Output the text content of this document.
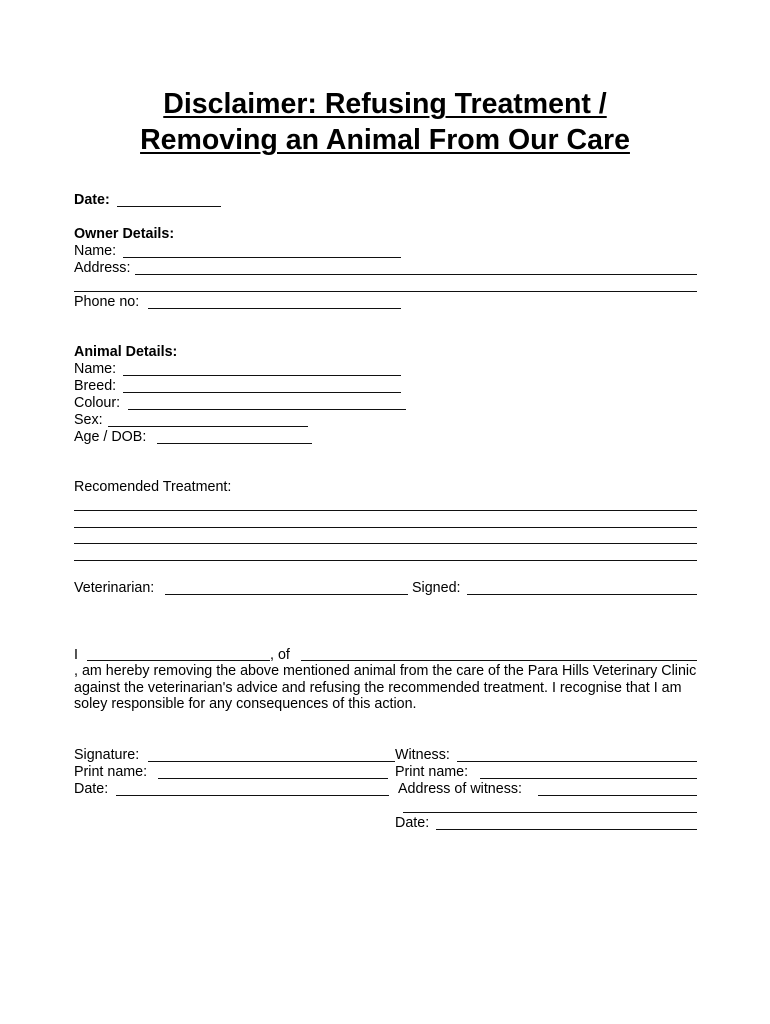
Disclaimer: Refusing Treatment /
Removing an Animal From Our Care
Date:
Owner Details:
Name:
Address:
Phone no:
Animal Details:
Name:
Breed:
Colour:
Sex:
Age / DOB:
Recomended Treatment:
Veterinarian:	Signed:
I	, of
, am hereby removing the above mentioned animal from the care of the Para Hills Veterinary Clinic against the veterinarian's advice and refusing the recommended treatment. I recognise that I am soley responsible for any consequences of this action.
Signature:
Print name:
Date:
Witness:
Print name:
Address of witness:
Date:
